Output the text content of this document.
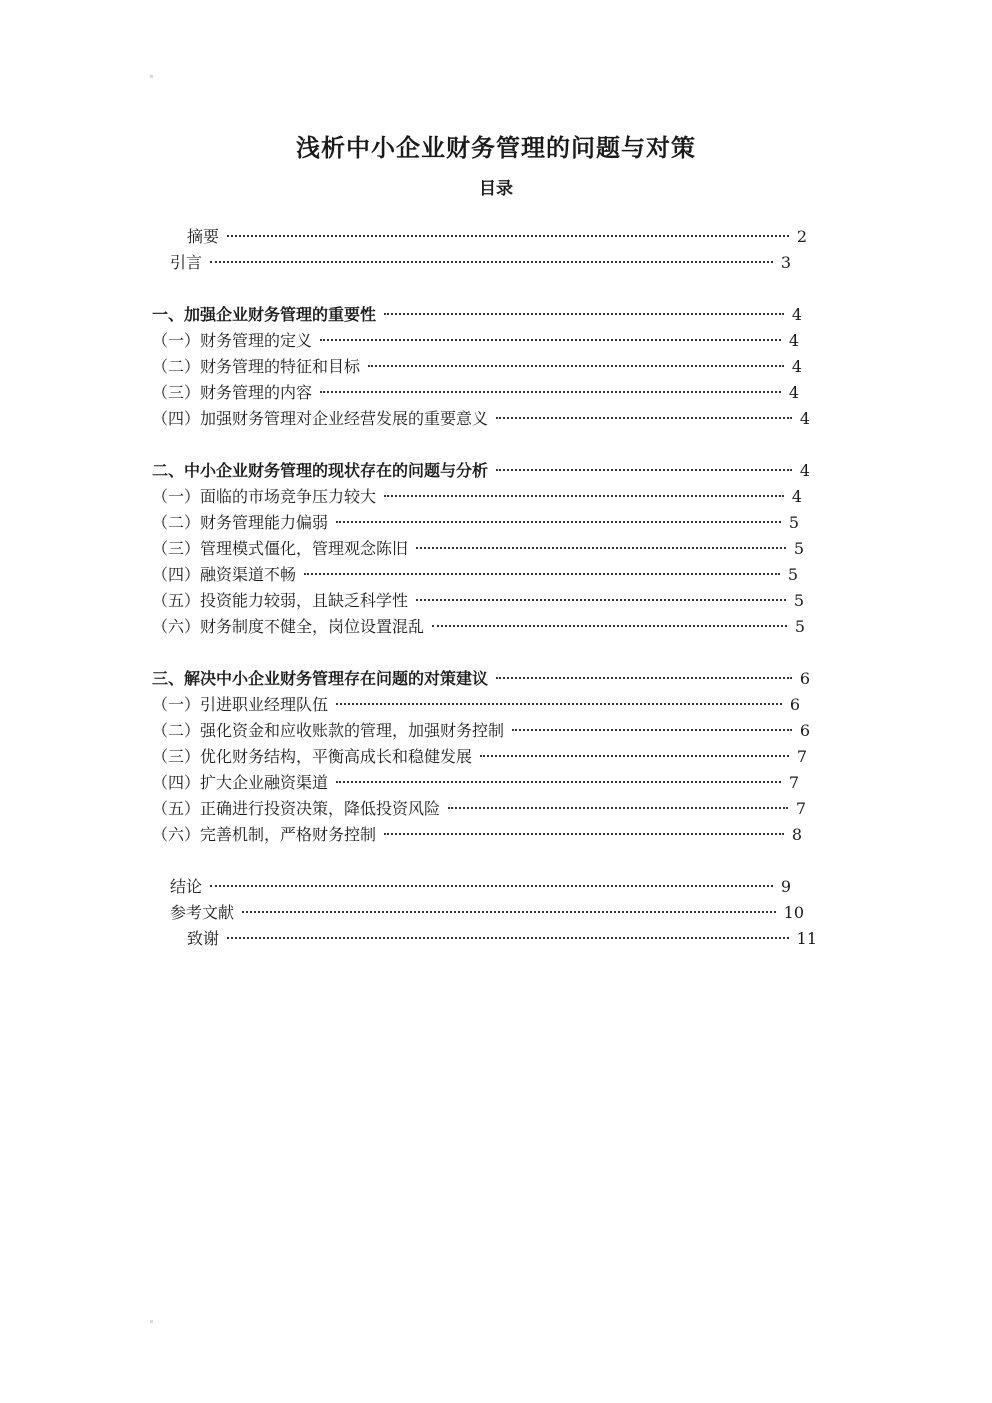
浅析中小企业财务管理的问题与对策
目录
摘要	2
引言	3
一、加强企业财务管理的重要性	4
（一）财务管理的定义	4
（二）财务管理的特征和目标	4
（三）财务管理的内容	4
（四）加强财务管理对企业经营发展的重要意义	4
二、中小企业财务管理的现状存在的问题与分析	4
（一）面临的市场竞争压力较大	4
（二）财务管理能力偏弱	5
（三）管理模式僵化，管理观念陈旧	5
（四）融资渠道不畅	5
（五）投资能力较弱，且缺乏科学性	5
（六）财务制度不健全，岗位设置混乱	5
三、解决中小企业财务管理存在问题的对策建议	6
（一）引进职业经理队伍	6
（二）强化资金和应收账款的管理，加强财务控制	6
（三）优化财务结构，平衡高成长和稳健发展	7
（四）扩大企业融资渠道	7
（五）正确进行投资决策，降低投资风险	7
（六）完善机制，严格财务控制	8
结论	9
参考文献	10
致谢	11
